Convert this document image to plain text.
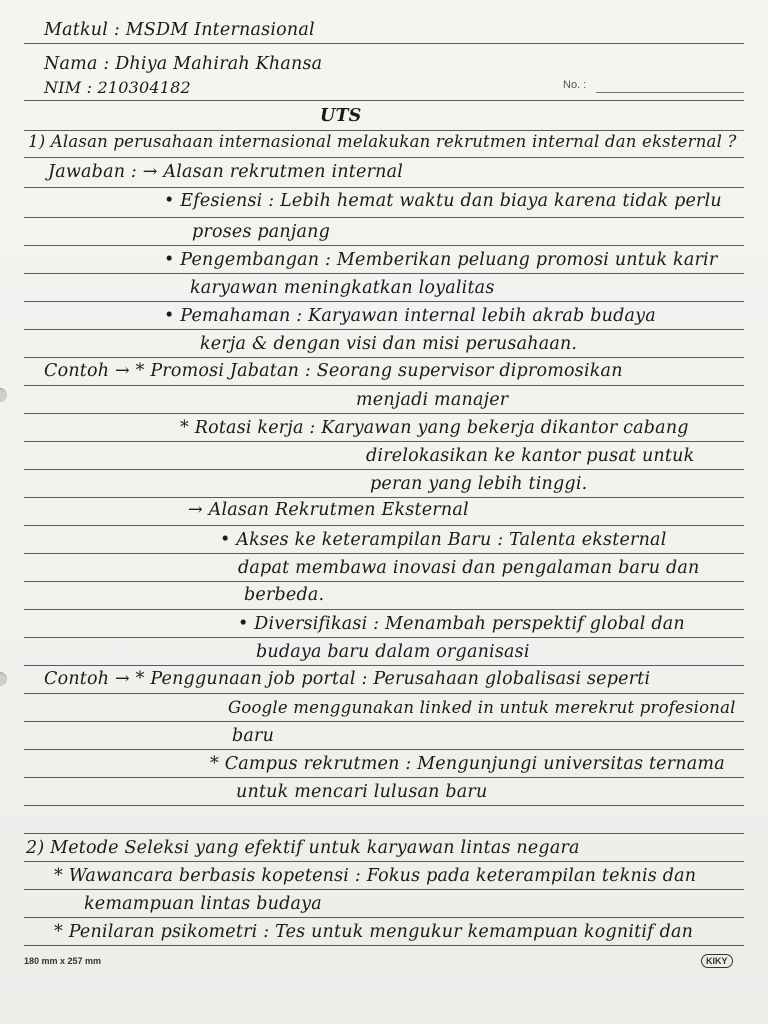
Matkul : MSDM Internasional
Nama : Dhiya Mahirah Khansa
NIM : 210304182	No. :
UTS
1) Alasan perusahaan internasional melakukan rekrutmen internal dan eksternal ?
Jawaban : → Alasan rekrutmen internal
• Efesiensi : Lebih hemat waktu dan biaya karena tidak perlu
proses panjang
• Pengembangan : Memberikan peluang promosi untuk karir
karyawan meningkatkan loyalitas
• Pemahaman : Karyawan internal lebih akrab budaya
kerja & dengan visi dan misi perusahaan.
Contoh → * Promosi Jabatan : Seorang supervisor dipromosikan
menjadi manajer
* Rotasi kerja : Karyawan yang bekerja dikantor cabang
direlokasikan ke kantor pusat untuk
peran yang lebih tinggi.
→ Alasan Rekrutmen Eksternal
• Akses ke keterampilan Baru : Talenta eksternal
dapat membawa inovasi dan pengalaman baru dan
berbeda.
• Diversifikasi : Menambah perspektif global dan
budaya baru dalam organisasi
Contoh → * Penggunaan job portal : Perusahaan globalisasi seperti
Google menggunakan linked in untuk merekrut profesional
baru
* Campus rekrutmen : Mengunjungi universitas ternama
untuk mencari lulusan baru
2) Metode Seleksi yang efektif untuk karyawan lintas negara
* Wawancara berbasis kopetensi : Fokus pada keterampilan teknis dan
kemampuan lintas budaya
* Penilaran psikometri : Tes untuk mengukur kemampuan kognitif dan
180 mm x 257 mm	KIKY
